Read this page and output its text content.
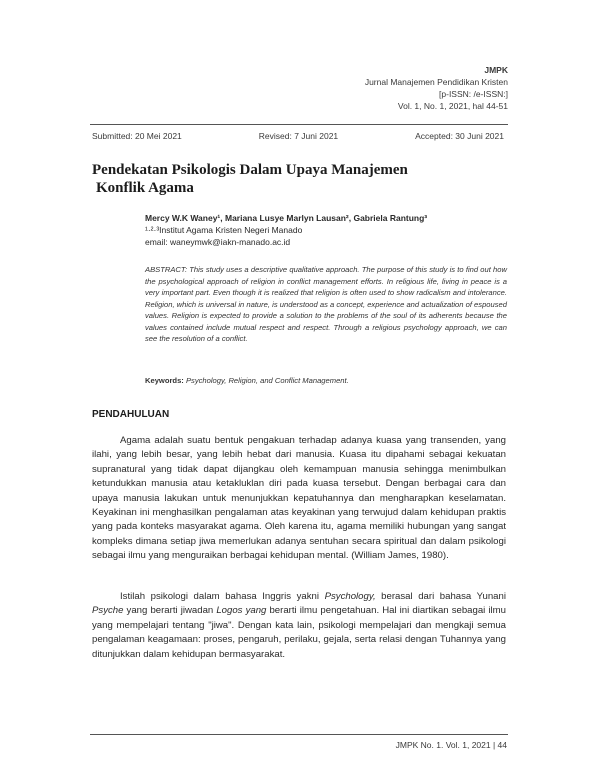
JMPK
Jurnal Manajemen Pendidikan Kristen
[p-ISSN: /e-ISSN:]
Vol. 1, No. 1, 2021, hal 44-51
Submitted: 20 Mei 2021	Revised: 7 Juni 2021	Accepted: 30 Juni 2021
Pendekatan Psikologis Dalam Upaya Manajemen
Konflik Agama
Mercy W.K Waney¹, Mariana Lusye Marlyn Lausan², Gabriela Rantung³
¹·²·³Institut Agama Kristen Negeri Manado
email: waneymwk@iakn-manado.ac.id

ABSTRACT: This study uses a descriptive qualitative approach. The purpose of this study is to find out how the psychological approach of religion in conflict management efforts. In religious life, living in peace is a very important part. Even though it is realized that religion is often used to show radicalism and intolerance. Religion, which is universal in nature, is understood as a concept, experience and actualization of espoused values. Religion is expected to provide a solution to the problems of the soul of its adherents because the values contained include mutual respect and respect. Through a religious psychology approach, we can see the resolution of a conflict.

Keywords: Psychology, Religion, and Conflict Management.
PENDAHULUAN

Agama adalah suatu bentuk pengakuan terhadap adanya kuasa yang transenden, yang ilahi, yang lebih besar, yang lebih hebat dari manusia. Kuasa itu dipahami sebagai kekuatan supranatural yang tidak dapat dijangkau oleh kemampuan manusia sehingga menimbulkan ketundukkan manusia atau ketakluklan diri pada kuasa tersebut. Dengan berbagai cara dan upaya manusia lakukan untuk menunjukkan kepatuhannya dan mengharapkan keselamatan. Keyakinan ini menghasilkan pengalaman atas keyakinan yang terwujud dalam kehidupan praktis yang pada konteks masyarakat agama. Oleh karena itu, agama memiliki hubungan yang sangat kompleks dimana setiap jiwa memerlukan adanya sentuhan secara spiritual dan dalam psikologi sebagai ilmu yang menguraikan berbagai kehidupan mental. (William James, 1980).

Istilah psikologi dalam bahasa Inggris yakni Psychology, berasal dari bahasa Yunani Psyche yang berarti jiwadan Logos yang berarti ilmu pengetahuan. Hal ini diartikan sebagai ilmu yang mempelajari tentang "jiwa". Dengan kata lain, psikologi mempelajari dan mengkaji semua pengalaman keagamaan: proses, pengaruh, perilaku, gejala, serta relasi dengan Tuhannya yang ditunjukkan dalam kehidupan bermasyarakat.

JMPK No. 1. Vol. 1, 2021 | 44
